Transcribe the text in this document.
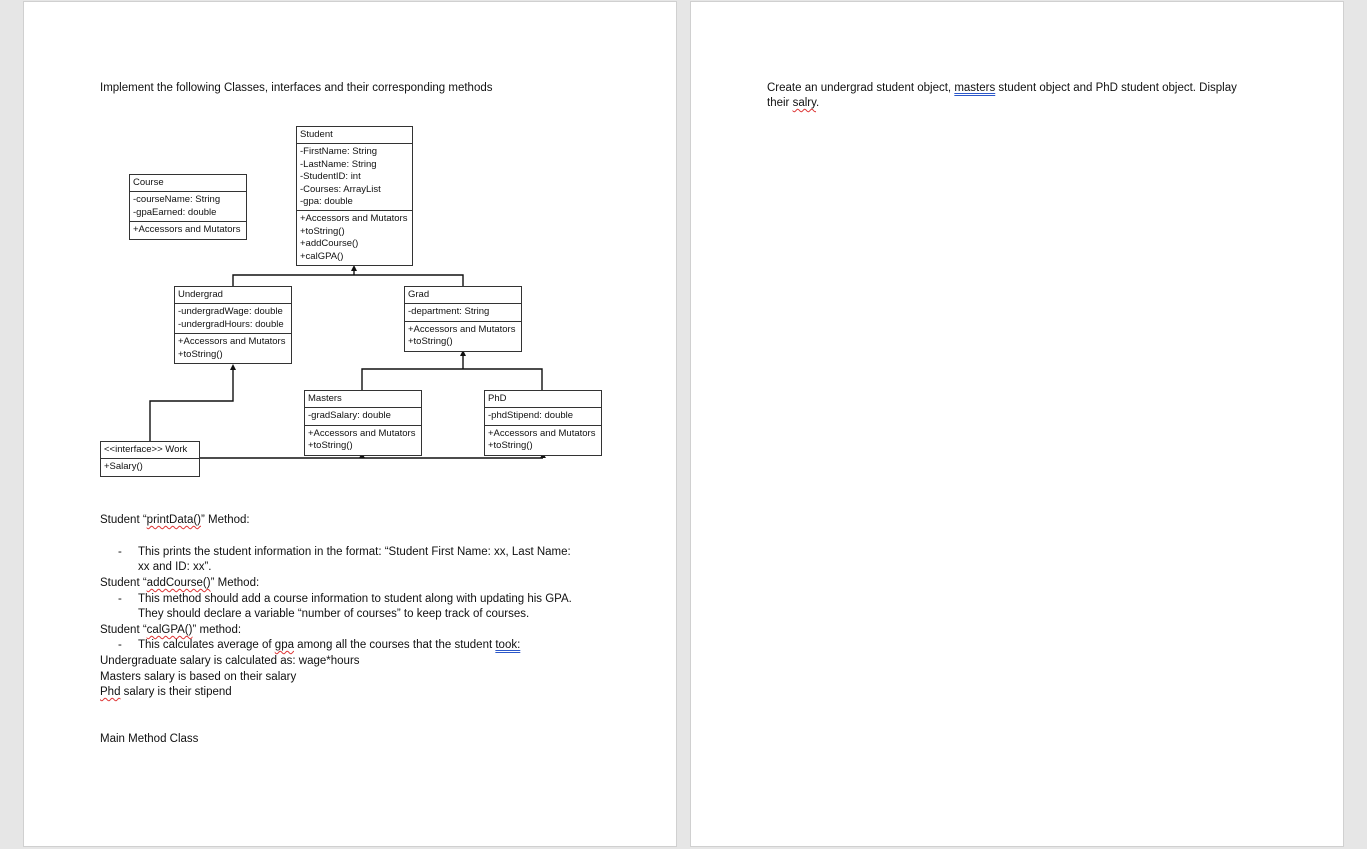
Implement the following Classes, interfaces and their corresponding methods
Student
-FirstName: String
-LastName: String
-StudentID: int
-Courses: ArrayList
-gpa: double
+Accessors and Mutators
+toString()
+addCourse()
+calGPA()
Course
-courseName: String
-gpaEarned: double
+Accessors and Mutators
Undergrad
-undergradWage: double
-undergradHours: double
+Accessors and Mutators
+toString()
Grad
-department: String
+Accessors and Mutators
+toString()
Masters
-gradSalary: double
+Accessors and Mutators
+toString()
PhD
-phdStipend: double
+Accessors and Mutators
+toString()
<<interface>> Work
+Salary()
Student “printData()” Method:
- This prints the student information in the format: “Student First Name: xx, Last Name:
xx and ID: xx”.
Student “addCourse()” Method:
- This method should add a course information to student along with updating his GPA.
They should declare a variable “number of courses” to keep track of courses.
Student “calGPA()” method:
- This calculates average of gpa among all the courses that the student took:
Undergraduate salary is calculated as: wage*hours
Masters salary is based on their salary
Phd salary is their stipend
Main Method Class
Create an undergrad student object, masters student object and PhD student object. Display
their salry.
